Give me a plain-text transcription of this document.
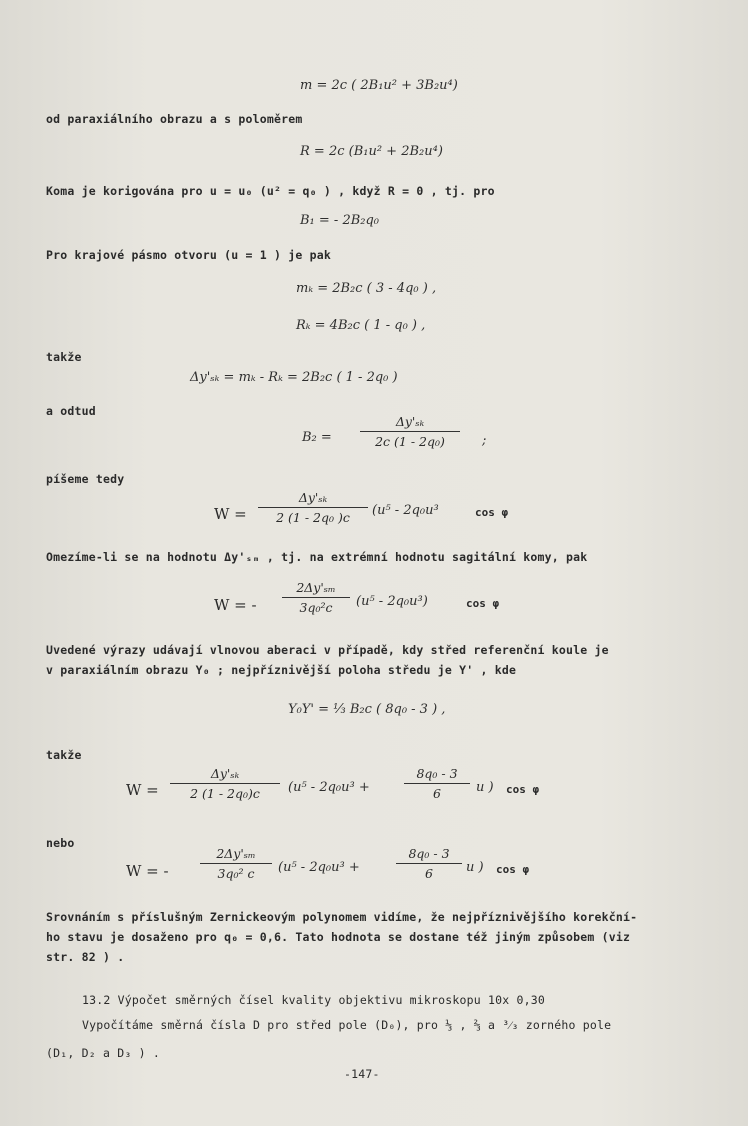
m = 2c ( 2B₁u² + 3B₂u⁴)
od paraxiálního obrazu a s poloměrem
R = 2c (B₁u² + 2B₂u⁴)
Koma je korigována pro u = u₀ (u² = q₀ ) , když R = 0 , tj. pro
B₁ = - 2B₂q₀
Pro krajové pásmo otvoru (u = 1 ) je pak
mₖ = 2B₂c ( 3 - 4q₀ ) ,
Rₖ = 4B₂c ( 1 - q₀ ) ,
takže
Δy'ₛₖ = mₖ - Rₖ = 2B₂c ( 1 - 2q₀ )
a odtud
B₂ =
Δy'ₛₖ
2c (1 - 2q₀)	;
píšeme tedy
W =
Δy'ₛₖ
2 (1 - 2q₀ )c	(u⁵ - 2q₀u³	cos φ
Omezíme-li se na hodnotu Δy'ₛₘ , tj. na extrémní hodnotu sagitální komy, pak
W = -
2Δy'ₛₘ
3q₀²c	(u⁵ - 2q₀u³)	cos φ
Uvedené výrazy udávají vlnovou aberaci v případě, kdy střed referenční koule je
v paraxiálním obrazu Y₀ ; nejpříznivější poloha středu je Y' , kde
Y₀Y' = ⅓ B₂c ( 8q₀ - 3 ) ,
takže
W =
Δy'ₛₖ
2 (1 - 2q₀)c	(u⁵ - 2q₀u³ +
8q₀ - 3
6	u ) cos φ
nebo
W = -
2Δy'ₛₘ
3q₀² c	(u⁵ - 2q₀u³ +
8q₀ - 3
6	u ) cos φ
Srovnáním s příslušným Zernickeovým polynomem vidíme, že nejpříznivějšího korekční-
ho stavu je dosaženo pro q₀ = 0,6. Tato hodnota se dostane též jiným způsobem (viz
str. 82 ) .
13.2 Výpočet směrných čísel kvality objektivu mikroskopu 10x 0,30
Vypočítáme směrná čísla D pro střed pole (D₀), pro ⅓ , ⅔ a ³⁄₃ zorného pole
(D₁, D₂ a D₃ ) .
-147-
